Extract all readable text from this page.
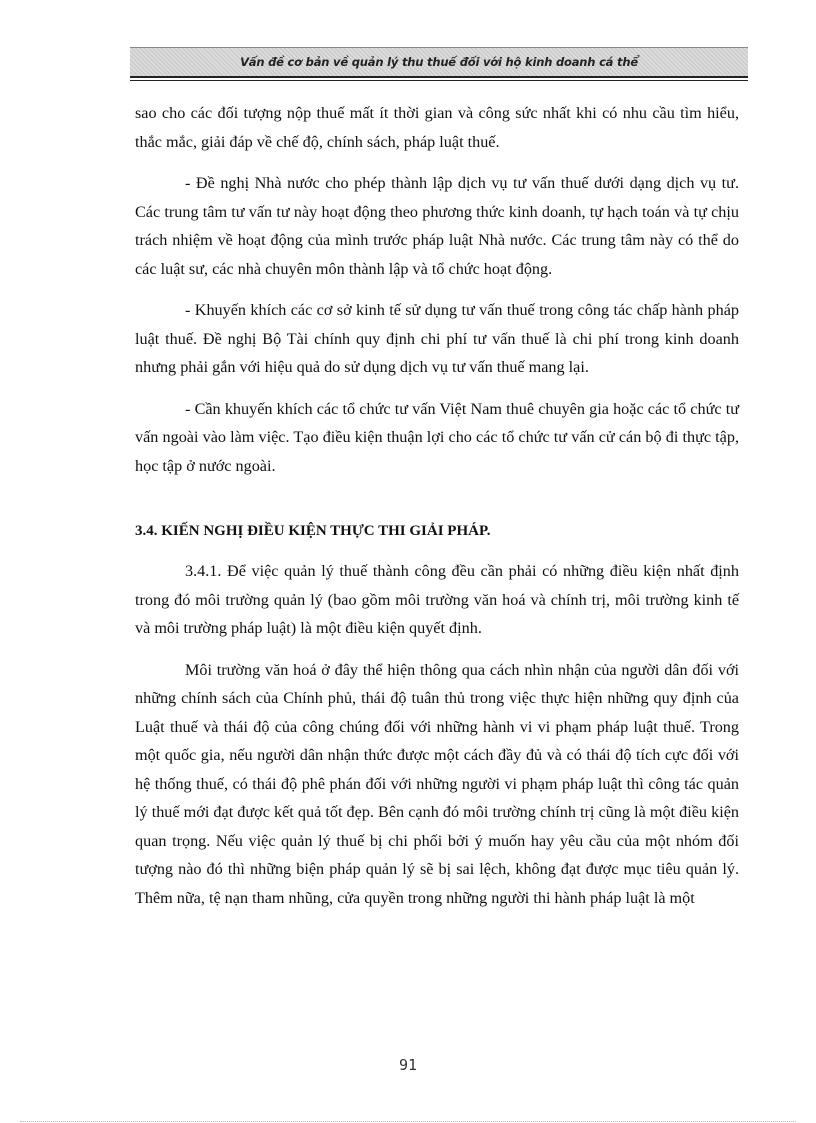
Vấn đề cơ bản về quản lý thu thuế đối với hộ kinh doanh cá thể

sao cho các đối tượng nộp thuế mất ít thời gian và công sức nhất khi có nhu cầu tìm hiểu, thắc mắc, giải đáp về chế độ, chính sách, pháp luật thuế.

- Đề nghị Nhà nước cho phép thành lập dịch vụ tư vấn thuế dưới dạng dịch vụ tư. Các trung tâm tư vấn tư này hoạt động theo phương thức kinh doanh, tự hạch toán và tự chịu trách nhiệm về hoạt động của mình trước pháp luật Nhà nước. Các trung tâm này có thể do các luật sư, các nhà chuyên môn thành lập và tổ chức hoạt động.

- Khuyến khích các cơ sở kinh tế sử dụng tư vấn thuế trong công tác chấp hành pháp luật thuế. Đề nghị Bộ Tài chính quy định chi phí tư vấn thuế là chi phí trong kinh doanh nhưng phải gắn với hiệu quả do sử dụng dịch vụ tư vấn thuế mang lại.

- Cần khuyến khích các tổ chức tư vấn Việt Nam thuê chuyên gia hoặc các tổ chức tư vấn ngoài vào làm việc. Tạo điều kiện thuận lợi cho các tổ chức tư vấn cử cán bộ đi thực tập, học tập ở nước ngoài.

3.4. KIẾN NGHỊ ĐIỀU KIỆN THỰC THI GIẢI PHÁP.

3.4.1. Để việc quản lý thuế thành công đều cần phải có những điều kiện nhất định trong đó môi trường quản lý (bao gồm môi trường văn hoá và chính trị, môi trường kinh tế và môi trường pháp luật) là một điều kiện quyết định.

Môi trường văn hoá ở đây thể hiện thông qua cách nhìn nhận của người dân đối với những chính sách của Chính phủ, thái độ tuân thủ trong việc thực hiện những quy định của Luật thuế và thái độ của công chúng đối với những hành vi vi phạm pháp luật thuế. Trong một quốc gia, nếu người dân nhận thức được một cách đầy đủ và có thái độ tích cực đối với hệ thống thuế, có thái độ phê phán đối với những người vi phạm pháp luật thì công tác quản lý thuế mới đạt được kết quả tốt đẹp. Bên cạnh đó môi trường chính trị cũng là một điều kiện quan trọng. Nếu việc quản lý thuế bị chi phối bởi ý muốn hay yêu cầu của một nhóm đối tượng nào đó thì những biện pháp quản lý sẽ bị sai lệch, không đạt được mục tiêu quản lý. Thêm nữa, tệ nạn tham nhũng, cửa quyền trong những người thi hành pháp luật là một

91
